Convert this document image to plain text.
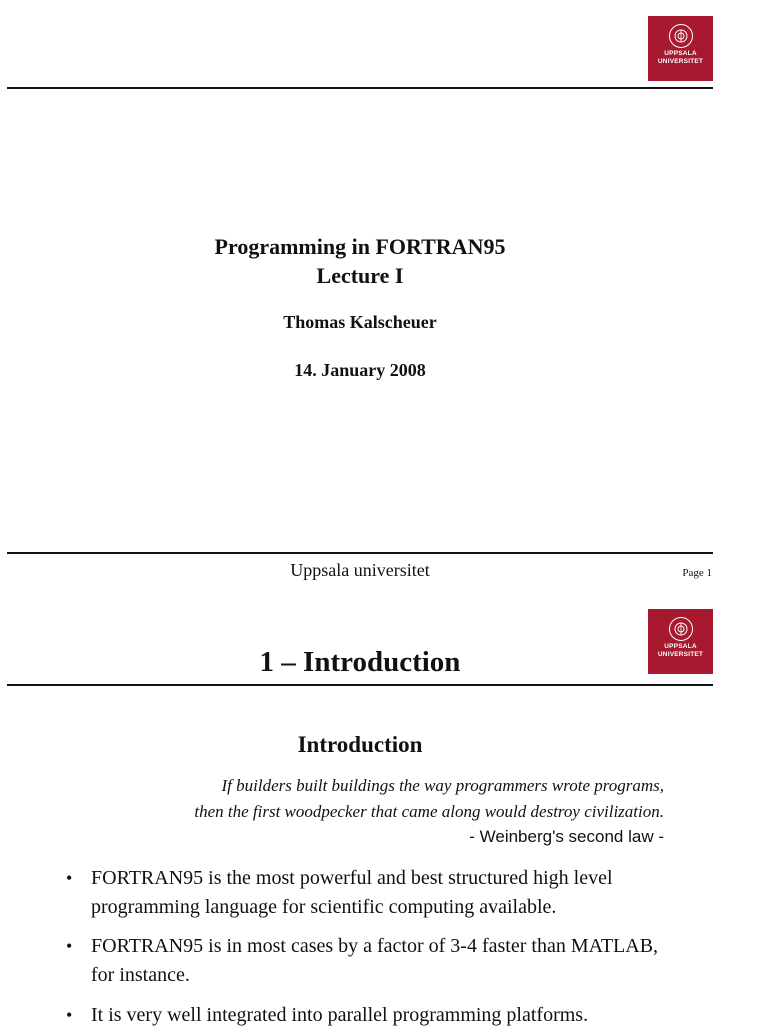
UPPSALA
UNIVERSITET
Programming in FORTRAN95
Lecture I
Thomas Kalscheuer
14. January 2008
Uppsala universitet	Page 1
UPPSALA
UNIVERSITET
1 – Introduction
Introduction
If builders built buildings the way programmers wrote programs,
then the first woodpecker that came along would destroy civilization.
- Weinberg's second law -
• FORTRAN95 is the most powerful and best structured high level programming language for scientific computing available.
• FORTRAN95 is in most cases by a factor of 3-4 faster than MATLAB, for instance.
• It is very well integrated into parallel programming platforms.
